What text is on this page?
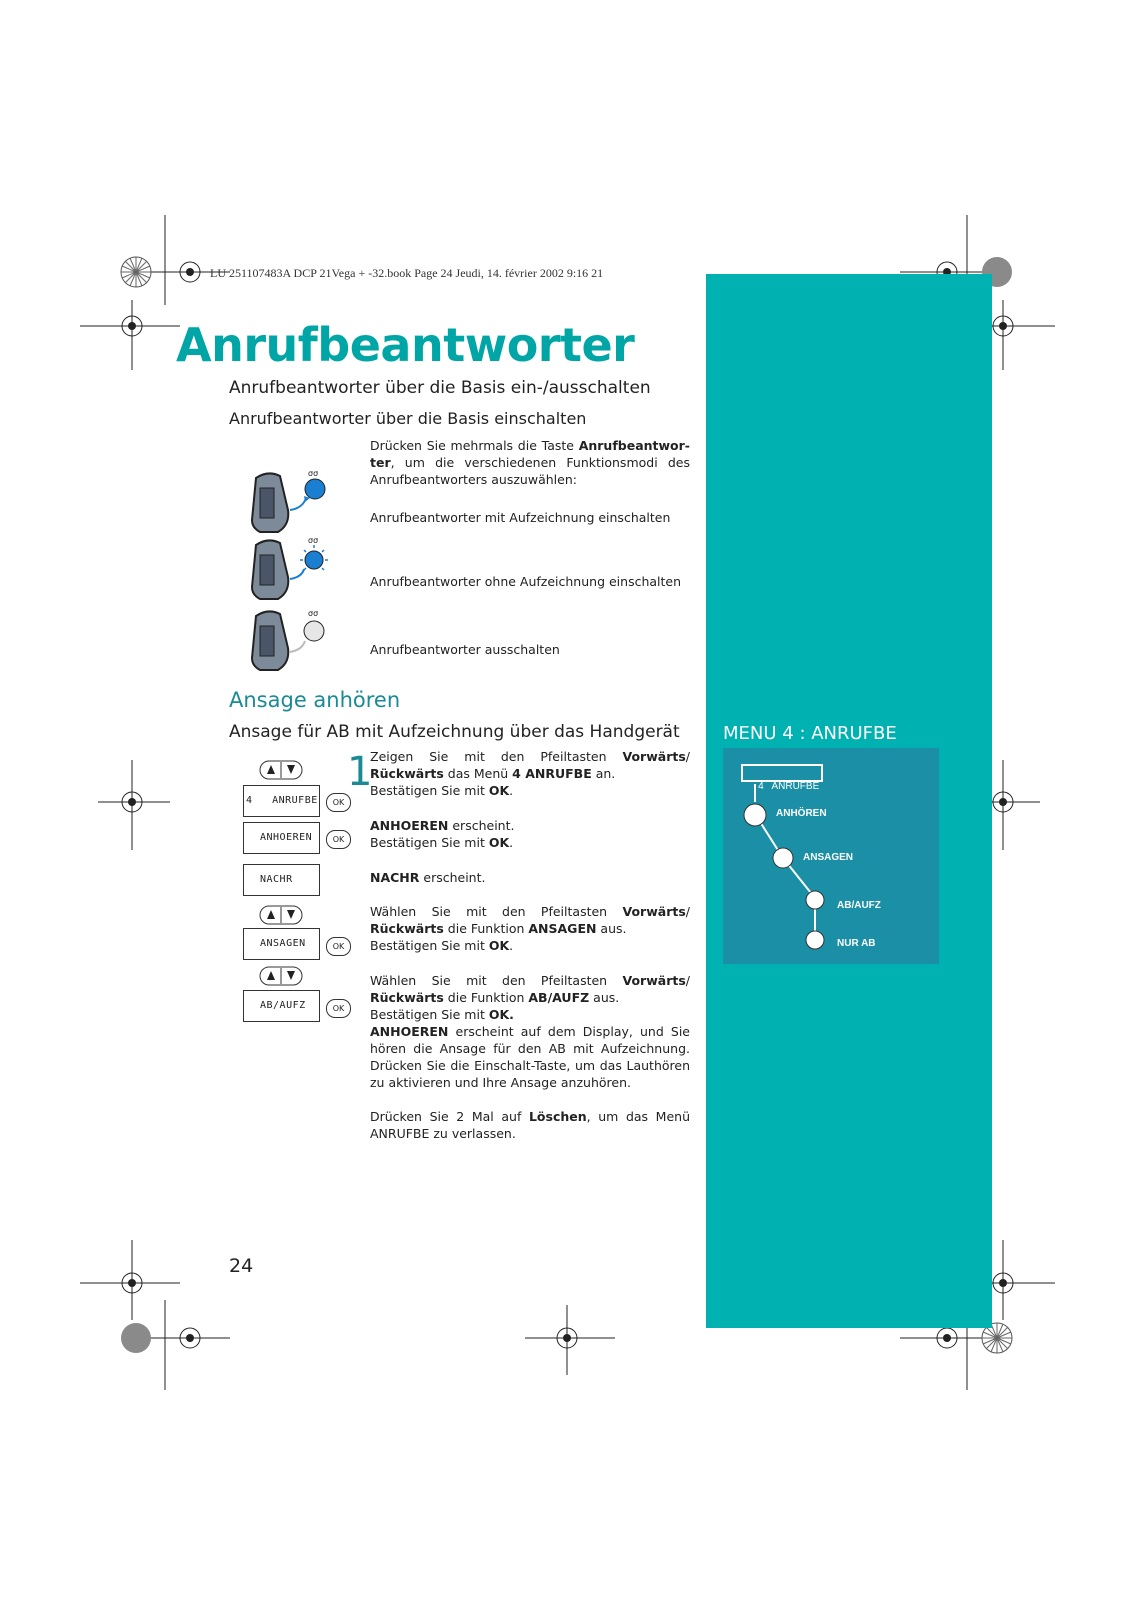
LU 251107483A DCP 21Vega + -32.book Page 24 Jeudi, 14. février 2002 9:16 21
Anrufbeantworter
Anrufbeantworter über die Basis ein-/ausschalten
Anrufbeantworter über die Basis einschalten
Drücken Sie mehrmals die Taste Anrufbeantwor-ter, um die verschiedenen Funktionsmodi des Anrufbeantworters auszuwählen:
σσ
Anrufbeantworter mit Aufzeichnung einschalten
σσ
Anrufbeantworter ohne Aufzeichnung einschalten
σσ
Anrufbeantworter ausschalten
Ansage anhören
Ansage für AB mit Aufzeichnung über das Handgerät
4 ANRUFBE	OK
ANHOEREN	OK
NACHR
ANSAGEN	OK
AB/AUFZ	OK
1
Zeigen Sie mit den Pfeiltasten Vorwärts/ Rückwärts das Menü 4 ANRUFBE an.
Bestätigen Sie mit OK.
ANHOEREN erscheint.
Bestätigen Sie mit OK.
NACHR erscheint.
Wählen Sie mit den Pfeiltasten Vorwärts/ Rückwärts die Funktion ANSAGEN aus.
Bestätigen Sie mit OK.
Wählen Sie mit den Pfeiltasten Vorwärts/ Rückwärts die Funktion AB/AUFZ aus.
Bestätigen Sie mit OK.
ANHOEREN erscheint auf dem Display, und Sie hören die Ansage für den AB mit Aufzeichnung. Drücken Sie die Einschalt-Taste, um das Lauthören zu aktivieren und Ihre Ansage anzuhören.
Drücken Sie 2 Mal auf Löschen, um das Menü ANRUFBE zu verlassen.
MENU 4 : ANRUFBE

4   ANRUFBE

ANHÖREN
ANSAGEN
AB/AUFZ
NUR AB
24
